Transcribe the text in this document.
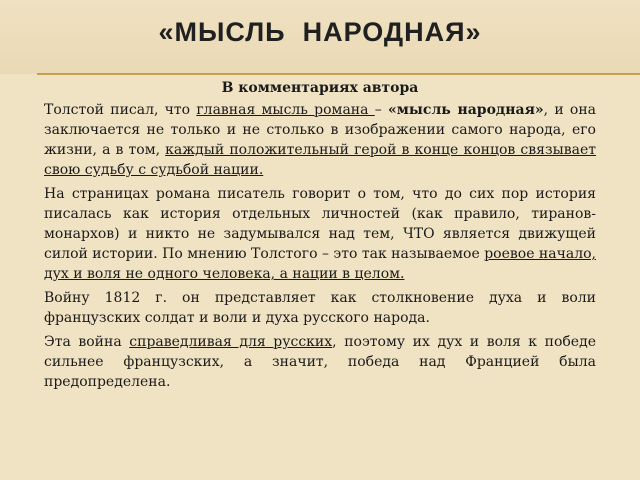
«МЫСЛЬ  НАРОДНАЯ»
В комментариях автора

Толстой писал, что главная мысль романа – «мысль народная», и она заключается не только и не столько в изображении самого народа, его жизни, а в том, каждый положительный герой в конце концов связывает свою судьбу с судьбой нации.

На страницах романа писатель говорит о том, что до сих пор история писалась как история отдельных личностей (как правило, тиранов-монархов) и никто не задумывался над тем, ЧТО является движущей силой истории. По мнению Толстого – это так называемое роевое начало, дух и воля не одного человека, а нации в целом.

Войну 1812 г. он представляет как столкновение духа и воли французских солдат и воли и духа русского народа.

Эта война справедливая для русских, поэтому их дух и воля к победе сильнее французских, а значит, победа над Францией была предопределена.
